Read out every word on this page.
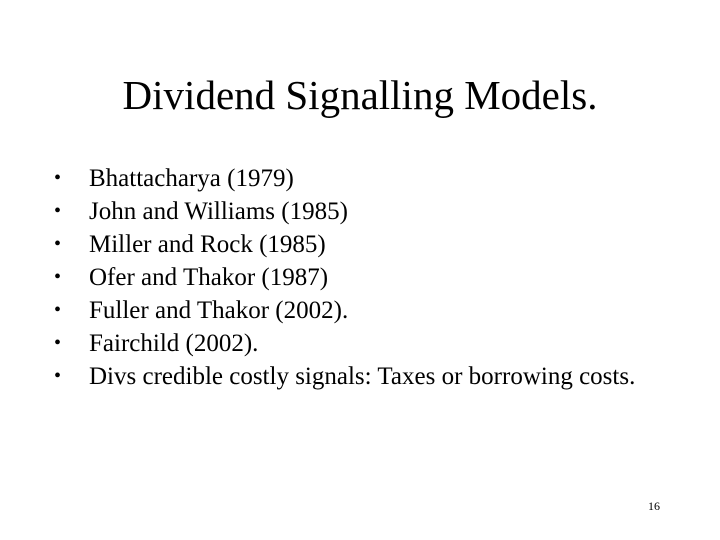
Dividend Signalling Models.
• Bhattacharya (1979)
• John and Williams (1985)
• Miller and Rock (1985)
• Ofer and Thakor (1987)
• Fuller and Thakor (2002).
• Fairchild (2002).
• Divs credible costly signals: Taxes or borrowing costs.
16
